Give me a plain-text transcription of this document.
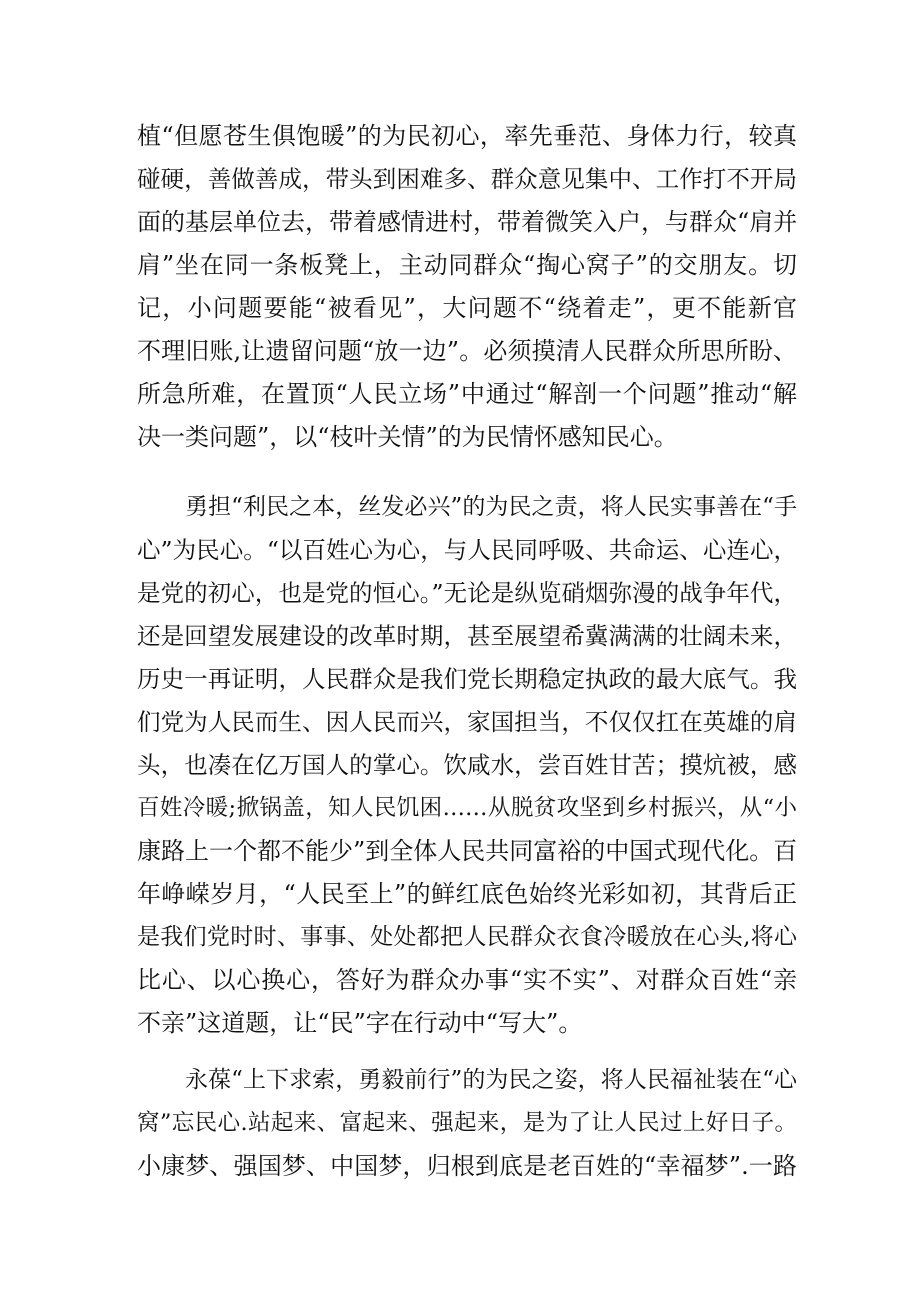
植“但愿苍生俱饱暖”的为民初心，率先垂范、身体力行，较真
碰硬，善做善成，带头到困难多、群众意见集中、工作打不开局
面的基层单位去，带着感情进村，带着微笑入户，与群众“肩并
肩”坐在同一条板凳上，主动同群众“掏心窝子”的交朋友。切
记，小问题要能“被看见”，大问题不“绕着走”，更不能新官
不理旧账,让遗留问题“放一边”。必须摸清人民群众所思所盼、
所急所难，在置顶“人民立场”中通过“解剖一个问题”推动“解
决一类问题”，以“枝叶关情”的为民情怀感知民心。
勇担“利民之本，丝发必兴”的为民之责，将人民实事善在“手
心”为民心。“以百姓心为心，与人民同呼吸、共命运、心连心，
是党的初心，也是党的恒心。”无论是纵览硝烟弥漫的战争年代，
还是回望发展建设的改革时期，甚至展望希冀满满的壮阔未来，
历史一再证明，人民群众是我们党长期稳定执政的最大底气。我
们党为人民而生、因人民而兴，家国担当，不仅仅扛在英雄的肩
头，也凑在亿万国人的掌心。饮咸水，尝百姓甘苦；摸炕被，感
百姓冷暖;掀锅盖，知人民饥困……从脱贫攻坚到乡村振兴，从“小
康路上一个都不能少”到全体人民共同富裕的中国式现代化。百
年峥嵘岁月，“人民至上”的鲜红底色始终光彩如初，其背后正
是我们党时时、事事、处处都把人民群众衣食冷暖放在心头,将心
比心、以心换心，答好为群众办事“实不实”、对群众百姓“亲
不亲”这道题，让“民”字在行动中“写大”。
永葆“上下求索，勇毅前行”的为民之姿，将人民福祉装在“心
窝”忘民心.站起来、富起来、强起来，是为了让人民过上好日子。
小康梦、强国梦、中国梦，归根到底是老百姓的“幸福梦”.一路
